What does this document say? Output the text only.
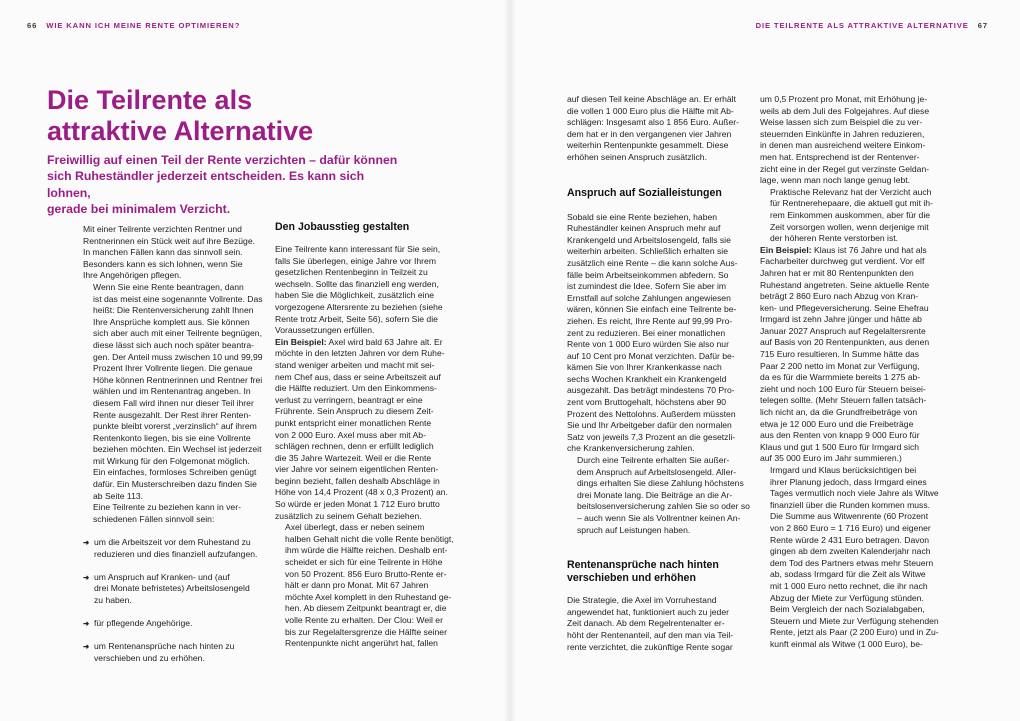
66 WIE KANN ICH MEINE RENTE OPTIMIEREN?	DIE TEILRENTE ALS ATTRAKTIVE ALTERNATIVE 67
Die Teilrente als
attraktive Alternative

Freiwillig auf einen Teil der Rente verzichten – dafür können
sich Ruheständler jederzeit entscheiden. Es kann sich lohnen,
gerade bei minimalem Verzicht.

Mit einer Teilrente verzichten Rentner und
Rentnerinnen ein Stück weit auf ihre Bezüge.
In manchen Fällen kann das sinnvoll sein.
Besonders kann es sich lohnen, wenn Sie
Ihre Angehörigen pflegen.

Wenn Sie eine Rente beantragen, dann
ist das meist eine sogenannte Vollrente. Das
heißt: Die Rentenversicherung zahlt Ihnen
Ihre Ansprüche komplett aus. Sie können
sich aber auch mit einer Teilrente begnügen,
diese lässt sich auch noch später beantra-
gen. Der Anteil muss zwischen 10 und 99,99
Prozent Ihrer Vollrente liegen. Die genaue
Höhe können Rentnerinnen und Rentner frei
wählen und im Rentenantrag angeben. In
diesem Fall wird ihnen nur dieser Teil ihrer
Rente ausgezahlt. Der Rest ihrer Renten-
punkte bleibt vorerst „verzinslich“ auf ihrem
Rentenkonto liegen, bis sie eine Vollrente
beziehen möchten. Ein Wechsel ist jederzeit
mit Wirkung für den Folgemonat möglich.
Ein einfaches, formloses Schreiben genügt
dafür. Ein Musterschreiben dazu finden Sie
ab Seite 113.

Eine Teilrente zu beziehen kann in ver-
schiedenen Fällen sinnvoll sein:

➜ um die Arbeitszeit vor dem Ruhestand zu
reduzieren und dies finanziell aufzufangen.
➜ um Anspruch auf Kranken- und (auf
drei Monate befristetes) Arbeitslosengeld
zu haben.
➜ für pflegende Angehörige.
➜ um Rentenansprüche nach hinten zu
verschieben und zu erhöhen.
Den Jobausstieg gestalten

Eine Teilrente kann interessant für Sie sein,
falls Sie überlegen, einige Jahre vor Ihrem
gesetzlichen Rentenbeginn in Teilzeit zu
wechseln. Sollte das finanziell eng werden,
haben Sie die Möglichkeit, zusätzlich eine
vorgezogene Altersrente zu beziehen (siehe
Rente trotz Arbeit, Seite 56), sofern Sie die
Voraussetzungen erfüllen.

Ein Beispiel: Axel wird bald 63 Jahre alt. Er
möchte in den letzten Jahren vor dem Ruhe-
stand weniger arbeiten und macht mit sei-
nem Chef aus, dass er seine Arbeitszeit auf
die Hälfte reduziert. Um den Einkommens-
verlust zu verringern, beantragt er eine
Frührente. Sein Anspruch zu diesem Zeit-
punkt entspricht einer monatlichen Rente
von 2 000 Euro. Axel muss aber mit Ab-
schlägen rechnen, denn er erfüllt lediglich
die 35 Jahre Wartezeit. Weil er die Rente
vier Jahre vor seinem eigentlichen Renten-
beginn bezieht, fallen deshalb Abschläge in
Höhe von 14,4 Prozent (48 x 0,3 Prozent) an.
So würde er jeden Monat 1 712 Euro brutto
zusätzlich zu seinem Gehalt beziehen.

Axel überlegt, dass er neben seinem
halben Gehalt nicht die volle Rente benötigt,
ihm würde die Hälfte reichen. Deshalb ent-
scheidet er sich für eine Teilrente in Höhe
von 50 Prozent. 856 Euro Brutto-Rente er-
hält er dann pro Monat. Mit 67 Jahren
möchte Axel komplett in den Ruhestand ge-
hen. Ab diesem Zeitpunkt beantragt er, die
volle Rente zu erhalten. Der Clou: Weil er
bis zur Regelaltersgrenze die Hälfte seiner
Rentenpunkte nicht angerührt hat, fallen

auf diesen Teil keine Abschläge an. Er erhält
die vollen 1 000 Euro plus die Hälfte mit Ab-
schlägen: Insgesamt also 1 856 Euro. Außer-
dem hat er in den vergangenen vier Jahren
weiterhin Rentenpunkte gesammelt. Diese
erhöhen seinen Anspruch zusätzlich.

Anspruch auf Sozialleistungen

Sobald sie eine Rente beziehen, haben
Ruheständler keinen Anspruch mehr auf
Krankengeld und Arbeitslosengeld, falls sie
weiterhin arbeiten. Schließlich erhalten sie
zusätzlich eine Rente – die kann solche Aus-
fälle beim Arbeitseinkommen abfedern. So
ist zumindest die Idee. Sofern Sie aber im
Ernstfall auf solche Zahlungen angewiesen
wären, können Sie einfach eine Teilrente be-
ziehen. Es reicht, Ihre Rente auf 99,99 Pro-
zent zu reduzieren. Bei einer monatlichen
Rente von 1 000 Euro würden Sie also nur
auf 10 Cent pro Monat verzichten. Dafür be-
kämen Sie von Ihrer Krankenkasse nach
sechs Wochen Krankheit ein Krankengeld
ausgezahlt. Das beträgt mindestens 70 Pro-
zent vom Bruttogehalt, höchstens aber 90
Prozent des Nettolohns. Außerdem müssten
Sie und Ihr Arbeitgeber dafür den normalen
Satz von jeweils 7,3 Prozent an die gesetzli-
che Krankenversicherung zahlen.

Durch eine Teilrente erhalten Sie außer-
dem Anspruch auf Arbeitslosengeld. Aller-
dings erhalten Sie diese Zahlung höchstens
drei Monate lang. Die Beiträge an die Ar-
beitslosenversicherung zahlen Sie so oder so
– auch wenn Sie als Vollrentner keinen An-
spruch auf Leistungen haben.

Rentenansprüche nach hinten
verschieben und erhöhen

Die Strategie, die Axel im Vorruhestand
angewendet hat, funktioniert auch zu jeder
Zeit danach. Ab dem Regelrentenalter er-
höht der Rentenanteil, auf den man via Teil-
rente verzichtet, die zukünftige Rente sogar

um 0,5 Prozent pro Monat, mit Erhöhung je-
weils ab dem Juli des Folgejahres. Auf diese
Weise lassen sich zum Beispiel die zu ver-
steuernden Einkünfte in Jahren reduzieren,
in denen man ausreichend weitere Einkom-
men hat. Entsprechend ist der Rentenver-
zicht eine in der Regel gut verzinste Geldan-
lage, wenn man noch lange genug lebt.

Praktische Relevanz hat der Verzicht auch
für Rentnerehepaare, die aktuell gut mit ih-
rem Einkommen auskommen, aber für die
Zeit vorsorgen wollen, wenn derjenige mit
der höheren Rente verstorben ist.

Ein Beispiel: Klaus ist 76 Jahre und hat als
Facharbeiter durchweg gut verdient. Vor elf
Jahren hat er mit 80 Rentenpunkten den
Ruhestand angetreten. Seine aktuelle Rente
beträgt 2 860 Euro nach Abzug von Kran-
ken- und Pflegeversicherung. Seine Ehefrau
Irmgard ist zehn Jahre jünger und hätte ab
Januar 2027 Anspruch auf Regelaltersrente
auf Basis von 20 Rentenpunkten, aus denen
715 Euro resultieren. In Summe hätte das
Paar 2 200 netto im Monat zur Verfügung,
da es für die Warmmiete bereits 1 275 ab-
zieht und noch 100 Euro für Steuern beisei-
telegen sollte. (Mehr Steuern fallen tatsäch-
lich nicht an, da die Grundfreibeträge von
etwa je 12 000 Euro und die Freibeträge
aus den Renten von knapp 9 000 Euro für
Klaus und gut 1 500 Euro für Irmgard sich
auf 35 000 Euro im Jahr summieren.)

Irmgard und Klaus berücksichtigen bei
ihrer Planung jedoch, dass Irmgard eines
Tages vermutlich noch viele Jahre als Witwe
finanziell über die Runden kommen muss.
Die Summe aus Witwenrente (60 Prozent
von 2 860 Euro = 1 716 Euro) und eigener
Rente würde 2 431 Euro betragen. Davon
gingen ab dem zweiten Kalenderjahr nach
dem Tod des Partners etwas mehr Steuern
ab, sodass Irmgard für die Zeit als Witwe
mit 1 000 Euro netto rechnet, die ihr nach
Abzug der Miete zur Verfügung stünden.

Beim Vergleich der nach Sozialabgaben,
Steuern und Miete zur Verfügung stehenden
Rente, jetzt als Paar (2 200 Euro) und in Zu-
kunft einmal als Witwe (1 000 Euro), be-
